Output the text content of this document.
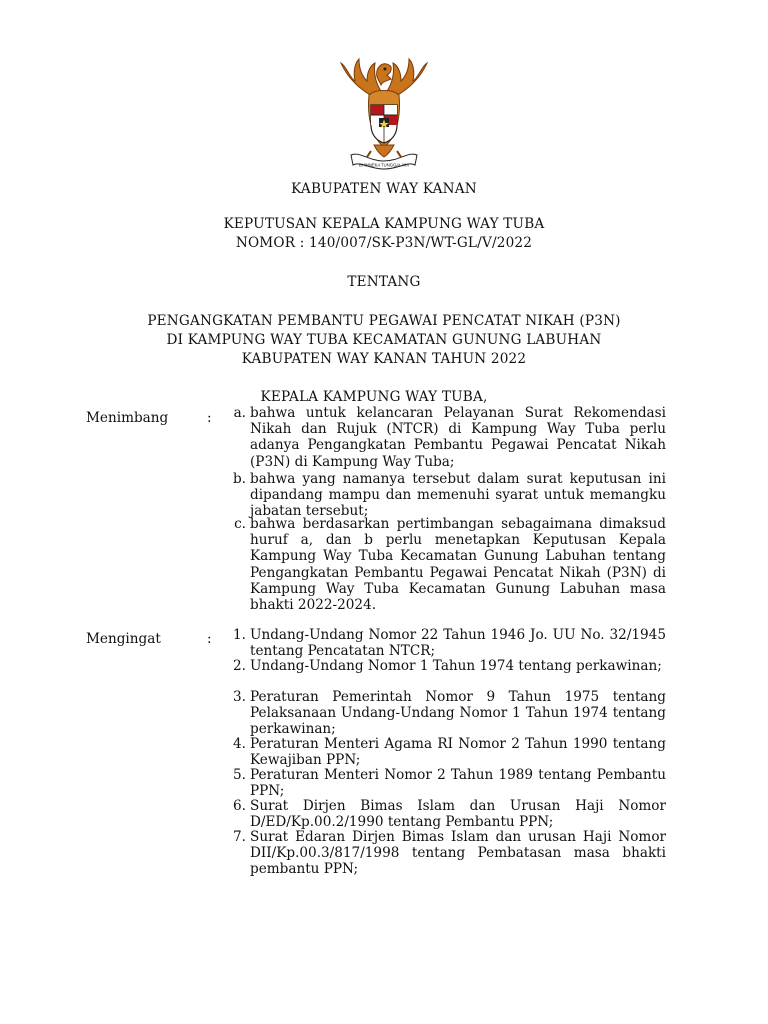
BHINNEKA TUNGGAL IKA
KABUPATEN WAY KANAN
KEPUTUSAN KEPALA KAMPUNG WAY TUBA
NOMOR : 140/007/SK-P3N/WT-GL/V/2022
TENTANG
PENGANGKATAN PEMBANTU PEGAWAI PENCATAT NIKAH (P3N)
DI KAMPUNG WAY TUBA KECAMATAN GUNUNG LABUHAN
KABUPATEN WAY KANAN TAHUN 2022
KEPALA KAMPUNG WAY TUBA,
Menimbang	:	a. bahwa untuk kelancaran Pelayanan Surat Rekomendasi Nikah dan Rujuk (NTCR) di Kampung Way Tuba perlu adanya Pengangkatan Pembantu Pegawai Pencatat Nikah (P3N) di Kampung Way Tuba;
b. bahwa yang namanya tersebut dalam surat keputusan ini dipandang mampu dan memenuhi syarat untuk memangku jabatan tersebut;
c. bahwa berdasarkan pertimbangan sebagaimana dimaksud huruf a, dan b perlu menetapkan Keputusan Kepala Kampung Way Tuba Kecamatan Gunung Labuhan tentang Pengangkatan Pembantu Pegawai Pencatat Nikah (P3N) di Kampung Way Tuba Kecamatan Gunung Labuhan masa bhakti 2022-2024.
Mengingat	:	1. Undang-Undang Nomor 22 Tahun 1946 Jo. UU No. 32/1945 tentang Pencatatan NTCR;
2. Undang-Undang Nomor 1 Tahun 1974 tentang perkawinan;
3. Peraturan Pemerintah Nomor 9 Tahun 1975 tentang Pelaksanaan Undang-Undang Nomor 1 Tahun 1974 tentang perkawinan;
4. Peraturan Menteri Agama RI Nomor 2 Tahun 1990 tentang Kewajiban PPN;
5. Peraturan Menteri Nomor 2 Tahun 1989 tentang Pembantu PPN;
6. Surat Dirjen Bimas Islam dan Urusan Haji Nomor D/ED/Kp.00.2/1990 tentang Pembantu PPN;
7. Surat Edaran Dirjen Bimas Islam dan urusan Haji Nomor DII/Kp.00.3/817/1998 tentang Pembatasan masa bhakti pembantu PPN;
